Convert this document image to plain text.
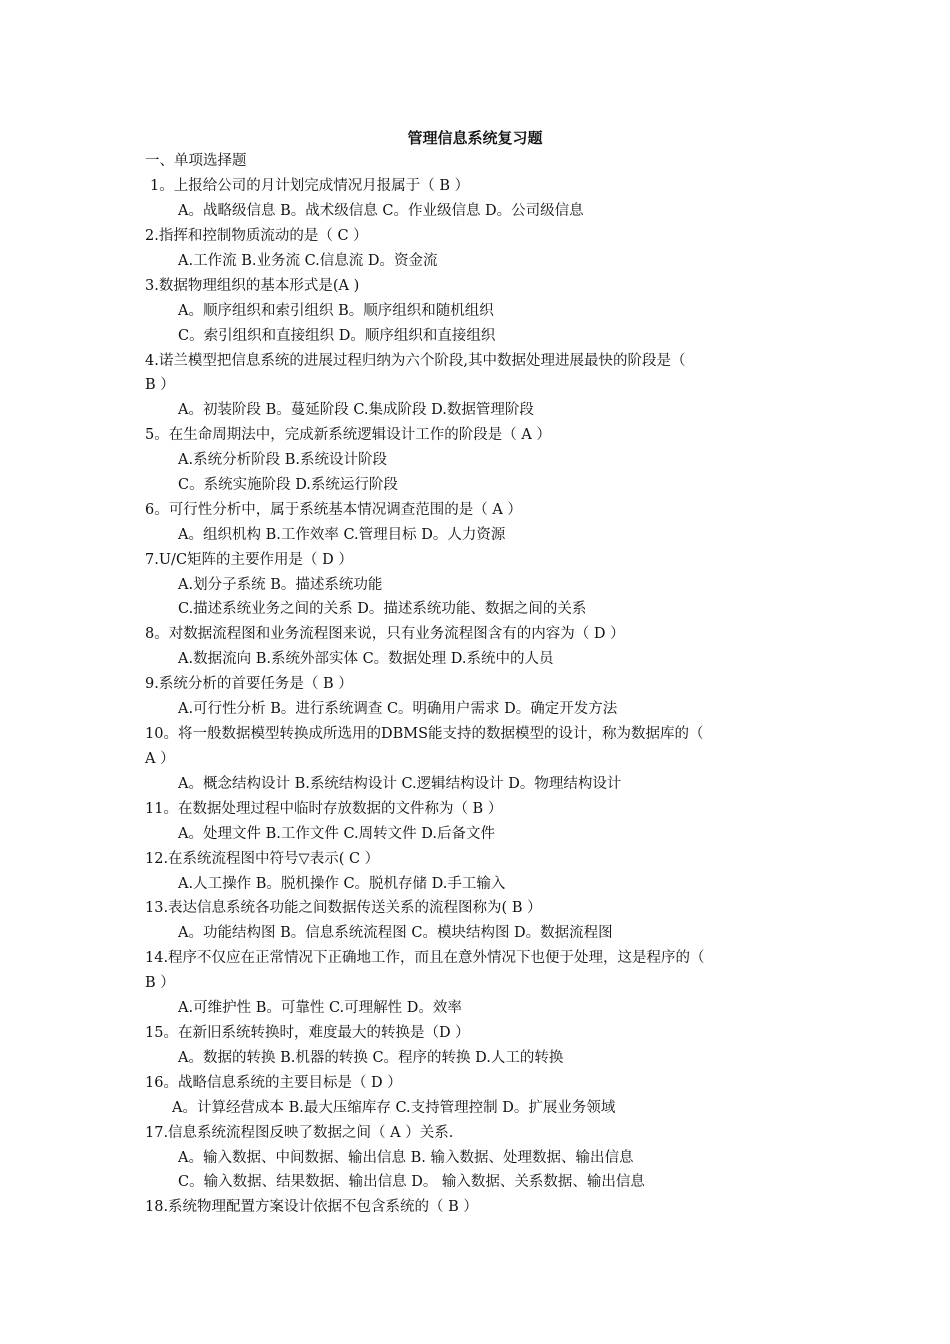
管理信息系统复习题
一、单项选择题
1。上报给公司的月计划完成情况月报属于（ B ）
A。战略级信息 B。战术级信息 C。作业级信息 D。公司级信息
2.指挥和控制物质流动的是（ C ）
A.工作流 B.业务流 C.信息流 D。资金流
3.数据物理组织的基本形式是(A )
A。顺序组织和索引组织 B。顺序组织和随机组织
C。索引组织和直接组织 D。顺序组织和直接组织
4.诺兰模型把信息系统的进展过程归纳为六个阶段,其中数据处理进展最快的阶段是（
B ）
A。初装阶段 B。蔓延阶段 C.集成阶段 D.数据管理阶段
5。在生命周期法中，完成新系统逻辑设计工作的阶段是（ A ）
A.系统分析阶段 B.系统设计阶段
C。系统实施阶段 D.系统运行阶段
6。可行性分析中，属于系统基本情况调查范围的是（ A ）
A。组织机构 B.工作效率 C.管理目标 D。人力资源
7.U/C矩阵的主要作用是（ D ）
A.划分子系统 B。描述系统功能
C.描述系统业务之间的关系 D。描述系统功能、数据之间的关系
8。对数据流程图和业务流程图来说，只有业务流程图含有的内容为（ D ）
A.数据流向 B.系统外部实体 C。数据处理 D.系统中的人员
9.系统分析的首要任务是（ B ）
A.可行性分析 B。进行系统调查 C。明确用户需求 D。确定开发方法
10。将一般数据模型转换成所选用的DBMS能支持的数据模型的设计，称为数据库的（
A ）
A。概念结构设计 B.系统结构设计 C.逻辑结构设计 D。物理结构设计
11。在数据处理过程中临时存放数据的文件称为（ B ）
A。处理文件 B.工作文件 C.周转文件 D.后备文件
12.在系统流程图中符号▽表示( C ）
A.人工操作 B。脱机操作 C。脱机存储 D.手工输入
13.表达信息系统各功能之间数据传送关系的流程图称为( B ）
A。功能结构图 B。信息系统流程图 C。模块结构图 D。数据流程图
14.程序不仅应在正常情况下正确地工作，而且在意外情况下也便于处理，这是程序的（
B ）
A.可维护性 B。可靠性 C.可理解性 D。效率
15。在新旧系统转换时，难度最大的转换是（D ）
A。数据的转换 B.机器的转换 C。程序的转换 D.人工的转换
16。战略信息系统的主要目标是（ D ）
A。计算经营成本 B.最大压缩库存 C.支持管理控制 D。扩展业务领域
17.信息系统流程图反映了数据之间（ A ）关系.
A。输入数据、中间数据、输出信息 B. 输入数据、处理数据、输出信息
C。输入数据、结果数据、输出信息 D。 输入数据、关系数据、输出信息
18.系统物理配置方案设计依据不包含系统的（ B ）
